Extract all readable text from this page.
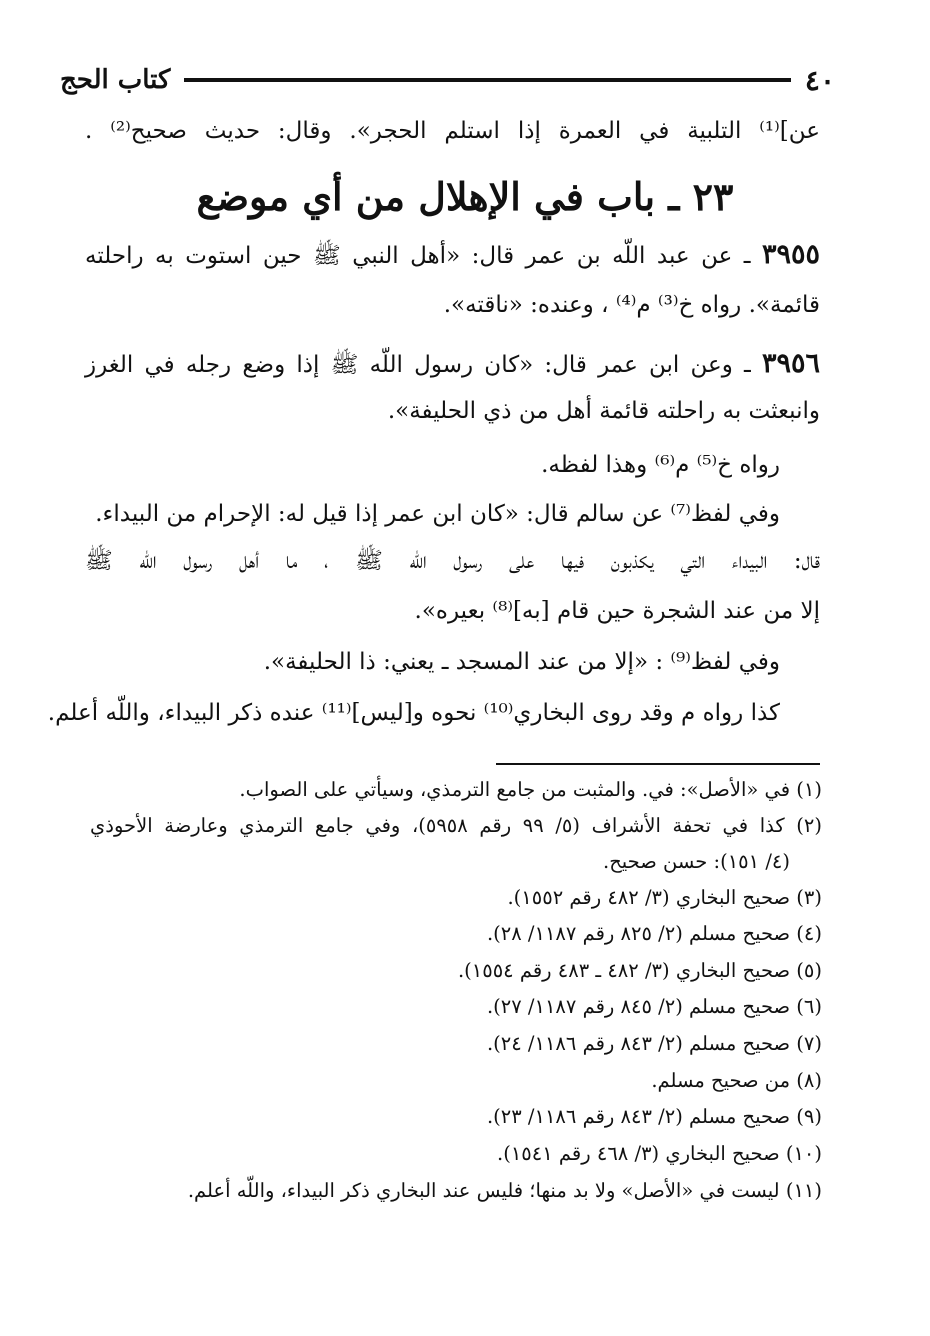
كتاب الحج	٤٠
عن]⁽¹⁾ التلبية في العمرة إذا استلم الحجر». وقال: حديث صحيح⁽²⁾ .
٢٣ ـ باب في الإهلال من أي موضع
٣٩٥٥ ـ عن عبد اللّه بن عمر قال: «أهل النبي ﷺ حين استوت به راحلته
قائمة». رواه خ⁽³⁾ م⁽⁴⁾ ، وعنده: «ناقته».
٣٩٥٦ ـ وعن ابن عمر قال: «كان رسول اللّه ﷺ إذا وضع رجله في الغرز
وانبعثت به راحلته قائمة أهل من ذي الحليفة».
رواه خ⁽⁵⁾ م⁽⁶⁾ وهذا لفظه.
وفي لفظ⁽⁷⁾ عن سالم قال: «كان ابن عمر إذا قيل له: الإحرام من البيداء.
قال: البيداء التي يكذبون فيها على رسول اللّه ﷺ ، ما أهل رسول اللّه ﷺ
إلا من عند الشجرة حين قام [به]⁽⁸⁾ بعيره».
وفي لفظ⁽⁹⁾ : «إلا من عند المسجد ـ يعني: ذا الحليفة».
كذا رواه م وقد روى البخاري⁽¹⁰⁾ نحوه و[ليس]⁽¹¹⁾ عنده ذكر البيداء، واللّه أعلم.
(١) في «الأصل»: في. والمثبت من جامع الترمذي، وسيأتي على الصواب.
(٢) كذا في تحفة الأشراف (٥/ ٩٩ رقم ٥٩٥٨)، وفي جامع الترمذي وعارضة الأحوذي
(٤/ ١٥١): حسن صحيح.
(٣) صحيح البخاري (٣/ ٤٨٢ رقم ١٥٥٢).
(٤) صحيح مسلم (٢/ ٨٢٥ رقم ١١٨٧/ ٢٨).
(٥) صحيح البخاري (٣/ ٤٨٢ ـ ٤٨٣ رقم ١٥٥٤).
(٦) صحيح مسلم (٢/ ٨٤٥ رقم ١١٨٧/ ٢٧).
(٧) صحيح مسلم (٢/ ٨٤٣ رقم ١١٨٦/ ٢٤).
(٨) من صحيح مسلم.
(٩) صحيح مسلم (٢/ ٨٤٣ رقم ١١٨٦/ ٢٣).
(١٠) صحيح البخاري (٣/ ٤٦٨ رقم ١٥٤١).
(١١) ليست في «الأصل» ولا بد منها؛ فليس عند البخاري ذكر البيداء، واللّه أعلم.
